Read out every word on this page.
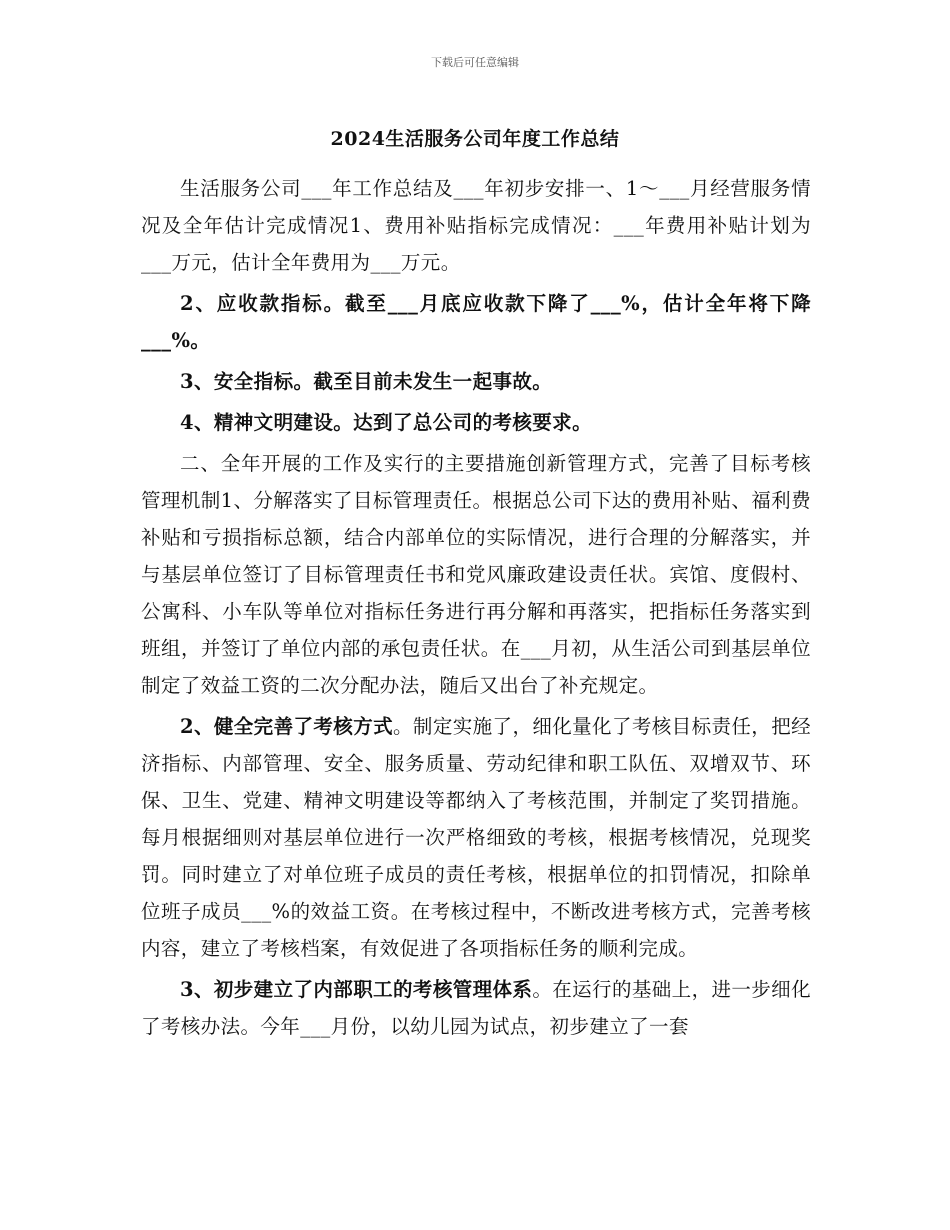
下载后可任意编辑
2024生活服务公司年度工作总结

生活服务公司___年工作总结及___年初步安排一、1～___月经营服务情况及全年估计完成情况1、费用补贴指标完成情况：___年费用补贴计划为___万元，估计全年费用为___万元。

2、应收款指标。截至___月底应收款下降了___%，估计全年将下降___%。

3、安全指标。截至目前未发生一起事故。

4、精神文明建设。达到了总公司的考核要求。

二、全年开展的工作及实行的主要措施创新管理方式，完善了目标考核管理机制1、分解落实了目标管理责任。根据总公司下达的费用补贴、福利费补贴和亏损指标总额，结合内部单位的实际情况，进行合理的分解落实，并与基层单位签订了目标管理责任书和党风廉政建设责任状。宾馆、度假村、公寓科、小车队等单位对指标任务进行再分解和再落实，把指标任务落实到班组，并签订了单位内部的承包责任状。在___月初，从生活公司到基层单位制定了效益工资的二次分配办法，随后又出台了补充规定。

2、健全完善了考核方式。制定实施了，细化量化了考核目标责任，把经济指标、内部管理、安全、服务质量、劳动纪律和职工队伍、双增双节、环保、卫生、党建、精神文明建设等都纳入了考核范围，并制定了奖罚措施。每月根据细则对基层单位进行一次严格细致的考核，根据考核情况，兑现奖罚。同时建立了对单位班子成员的责任考核，根据单位的扣罚情况，扣除单位班子成员___%的效益工资。在考核过程中，不断改进考核方式，完善考核内容，建立了考核档案，有效促进了各项指标任务的顺利完成。

3、初步建立了内部职工的考核管理体系。在运行的基础上，进一步细化了考核办法。今年___月份，以幼儿园为试点，初步建立了一套
